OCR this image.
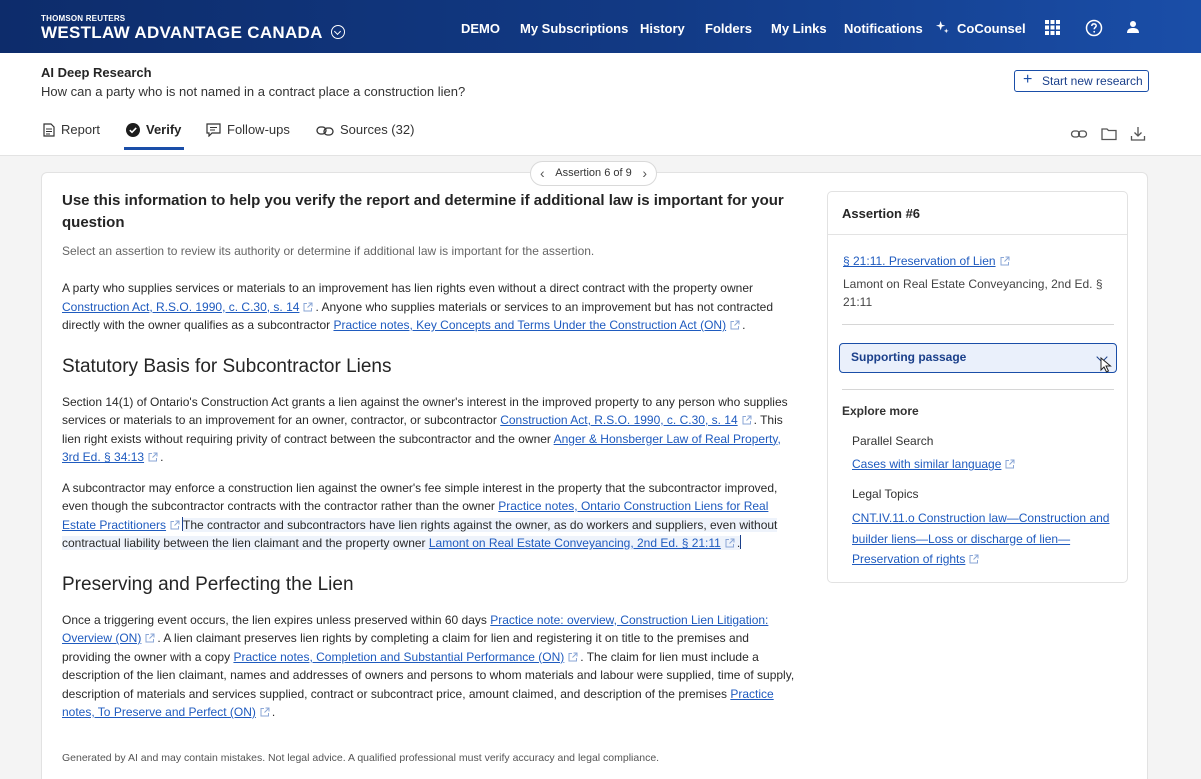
THOMSON REUTERS
WESTLAW ADVANTAGE CANADA	DEMO My Subscriptions History Folders My Links Notifications	CoCounsel
AI Deep Research
How can a party who is not named in a contract place a construction lien?
+ Start new research
Report	Verify	Follow-ups	Sources (32)
‹ Assertion 6 of 9 ›
Use this information to help you verify the report and determine if additional law is important for your question
Select an assertion to review its authority or determine if additional law is important for the assertion.
A party who supplies services or materials to an improvement has lien rights even without a direct contract with the property owner Construction Act, R.S.O. 1990, c. C.30, s. 14 . Anyone who supplies materials or services to an improvement but has not contracted directly with the owner qualifies as a subcontractor Practice notes, Key Concepts and Terms Under the Construction Act (ON) .
Statutory Basis for Subcontractor Liens
Section 14(1) of Ontario's Construction Act grants a lien against the owner's interest in the improved property to any person who supplies services or materials to an improvement for an owner, contractor, or subcontractor Construction Act, R.S.O. 1990, c. C.30, s. 14 . This lien right exists without requiring privity of contract between the subcontractor and the owner Anger & Honsberger Law of Real Property, 3rd Ed. § 34:13 .
A subcontractor may enforce a construction lien against the owner's fee simple interest in the property that the subcontractor improved, even though the subcontractor contracts with the contractor rather than the owner Practice notes, Ontario Construction Liens for Real Estate Practitioners The contractor and subcontractors have lien rights against the owner, as do workers and suppliers, even without contractual liability between the lien claimant and the property owner Lamont on Real Estate Conveyancing, 2nd Ed. § 21:11 .
Preserving and Perfecting the Lien
Once a triggering event occurs, the lien expires unless preserved within 60 days Practice note: overview, Construction Lien Litigation: Overview (ON) . A lien claimant preserves lien rights by completing a claim for lien and registering it on title to the premises and providing the owner with a copy Practice notes, Completion and Substantial Performance (ON) . The claim for lien must include a description of the lien claimant, names and addresses of owners and persons to whom materials and labour were supplied, time of supply, description of materials and services supplied, contract or subcontract price, amount claimed, and description of the premises Practice notes, To Preserve and Perfect (ON) .
Generated by AI and may contain mistakes. Not legal advice. A qualified professional must verify accuracy and legal compliance.
Assertion #6
§ 21:11. Preservation of Lien
Lamont on Real Estate Conveyancing, 2nd Ed. § 21:11
Supporting passage
Explore more
Parallel Search
Cases with similar language
Legal Topics
CNT.IV.11.o Construction law—Construction and builder liens—Loss or discharge of lien—Preservation of rights
